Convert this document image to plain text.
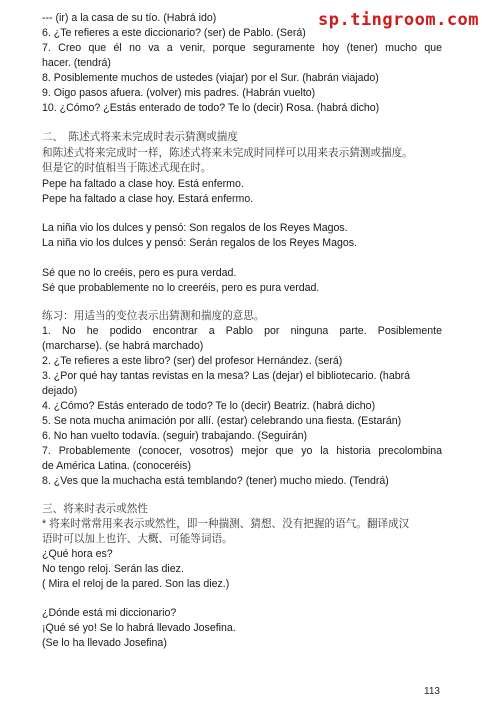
sp.tingroom.com
--- (ir) a la casa de su tío. (Habrá ido)
6. ¿Te refieres a este diccionario? (ser) de Pablo. (Será)
7. Creo que él no va a venir, porque seguramente hoy (tener) mucho que
hacer. (tendrá)
8. Posiblemente muchos de ustedes (viajar) por el Sur. (habrán viajado)
9. Oigo pasos afuera. (volver) mis padres. (Habrán vuelto)
10. ¿Cómo? ¿Estás enterado de todo? Te lo (decir) Rosa. (habrá dicho)
二、　陈述式将来未完成时表示猜测或揣度
和陈述式将来完成时一样，陈述式将来未完成时同样可以用来表示猜测或揣度。
但是它的时值相当于陈述式现在时。
Pepe ha faltado a clase hoy. Está enfermo.
Pepe ha faltado a clase hoy. Estará enfermo.
La niña vio los dulces y pensó: Son regalos de los Reyes Magos.
La niña vio los dulces y pensó: Serán regalos de los Reyes Magos.
Sé que no lo creéis, pero es pura verdad.
Sé que probablemente no lo creeréis, pero es pura verdad.
练习：用适当的变位表示出猜测和揣度的意思。
1. No he podido encontrar a Pablo por ninguna parte. Posiblemente
(marcharse). (se habrá marchado)
2. ¿Te refieres a este libro? (ser) del profesor Hernández. (será)
3. ¿Por qué hay tantas revistas en la mesa? Las (dejar) el bibliotecario. (habrá
dejado)
4. ¿Cómo? Estás enterado de todo? Te lo (decir) Beatriz. (habrá dicho)
5. Se nota mucha animación por allí. (estar) celebrando una fiesta. (Estarán)
6. No han vuelto todavía. (seguir) trabajando. (Seguirán)
7. Probablemente (conocer, vosotros) mejor que yo la historia precolombina
de América Latina. (conoceréis)
8. ¿Ves que la muchacha está temblando? (tener) mucho miedo. (Tendrá)
三、将来时表示或然性
* 将来时常常用来表示或然性，即一种揣测、猜想、没有把握的语气。翻译成汉
语时可以加上也许、大概、可能等词语。
¿Qué hora es?
No tengo reloj. Serán las diez.
( Mira el reloj de la pared. Son las diez.)
¿Dónde está mi diccionario?
¡Qué sé yo! Se lo habrá llevado Josefina.
(Se lo ha llevado Josefina)
113
